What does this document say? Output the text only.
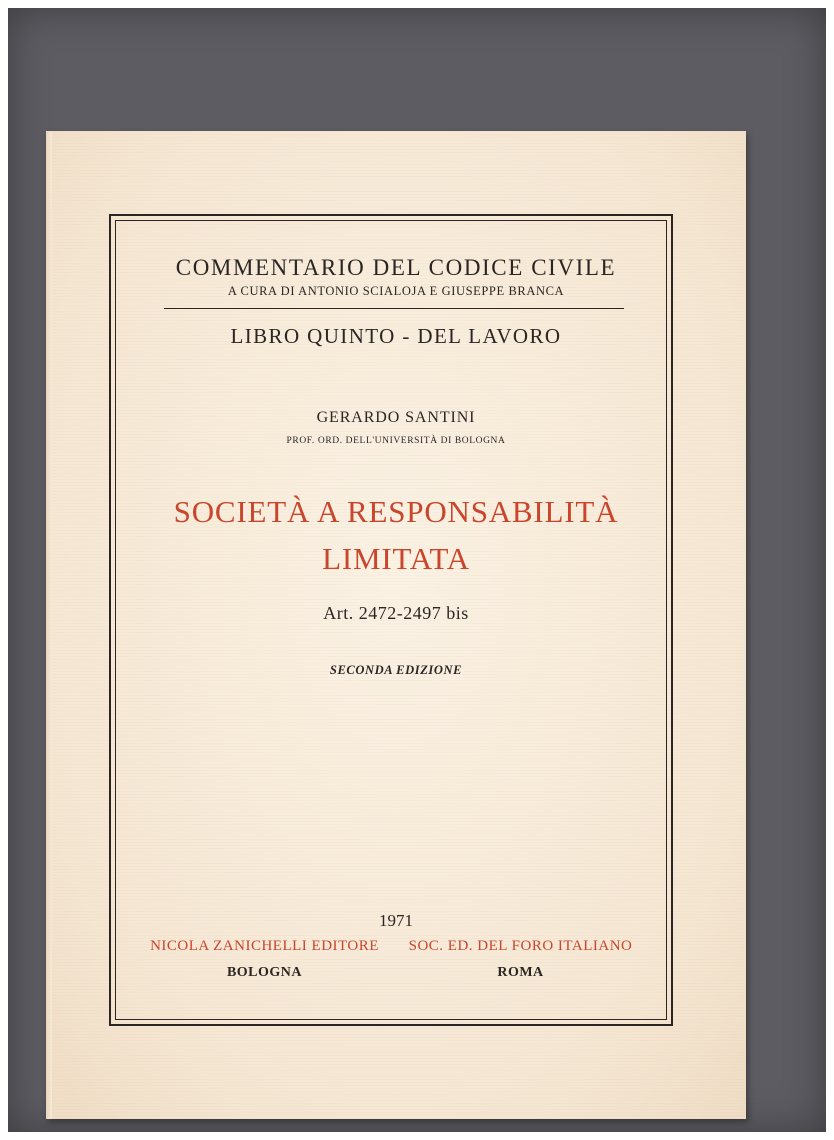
COMMENTARIO DEL CODICE CIVILE
A CURA DI ANTONIO SCIALOJA E GIUSEPPE BRANCA
LIBRO QUINTO - DEL LAVORO
GERARDO SANTINI
PROF. ORD. DELL'UNIVERSITÀ DI BOLOGNA
SOCIETÀ A RESPONSABILITÀ
LIMITATA
Art. 2472-2497 bis
SECONDA EDIZIONE
1971
NICOLA ZANICHELLI EDITORE	SOC. ED. DEL FORO ITALIANO
BOLOGNA	ROMA
